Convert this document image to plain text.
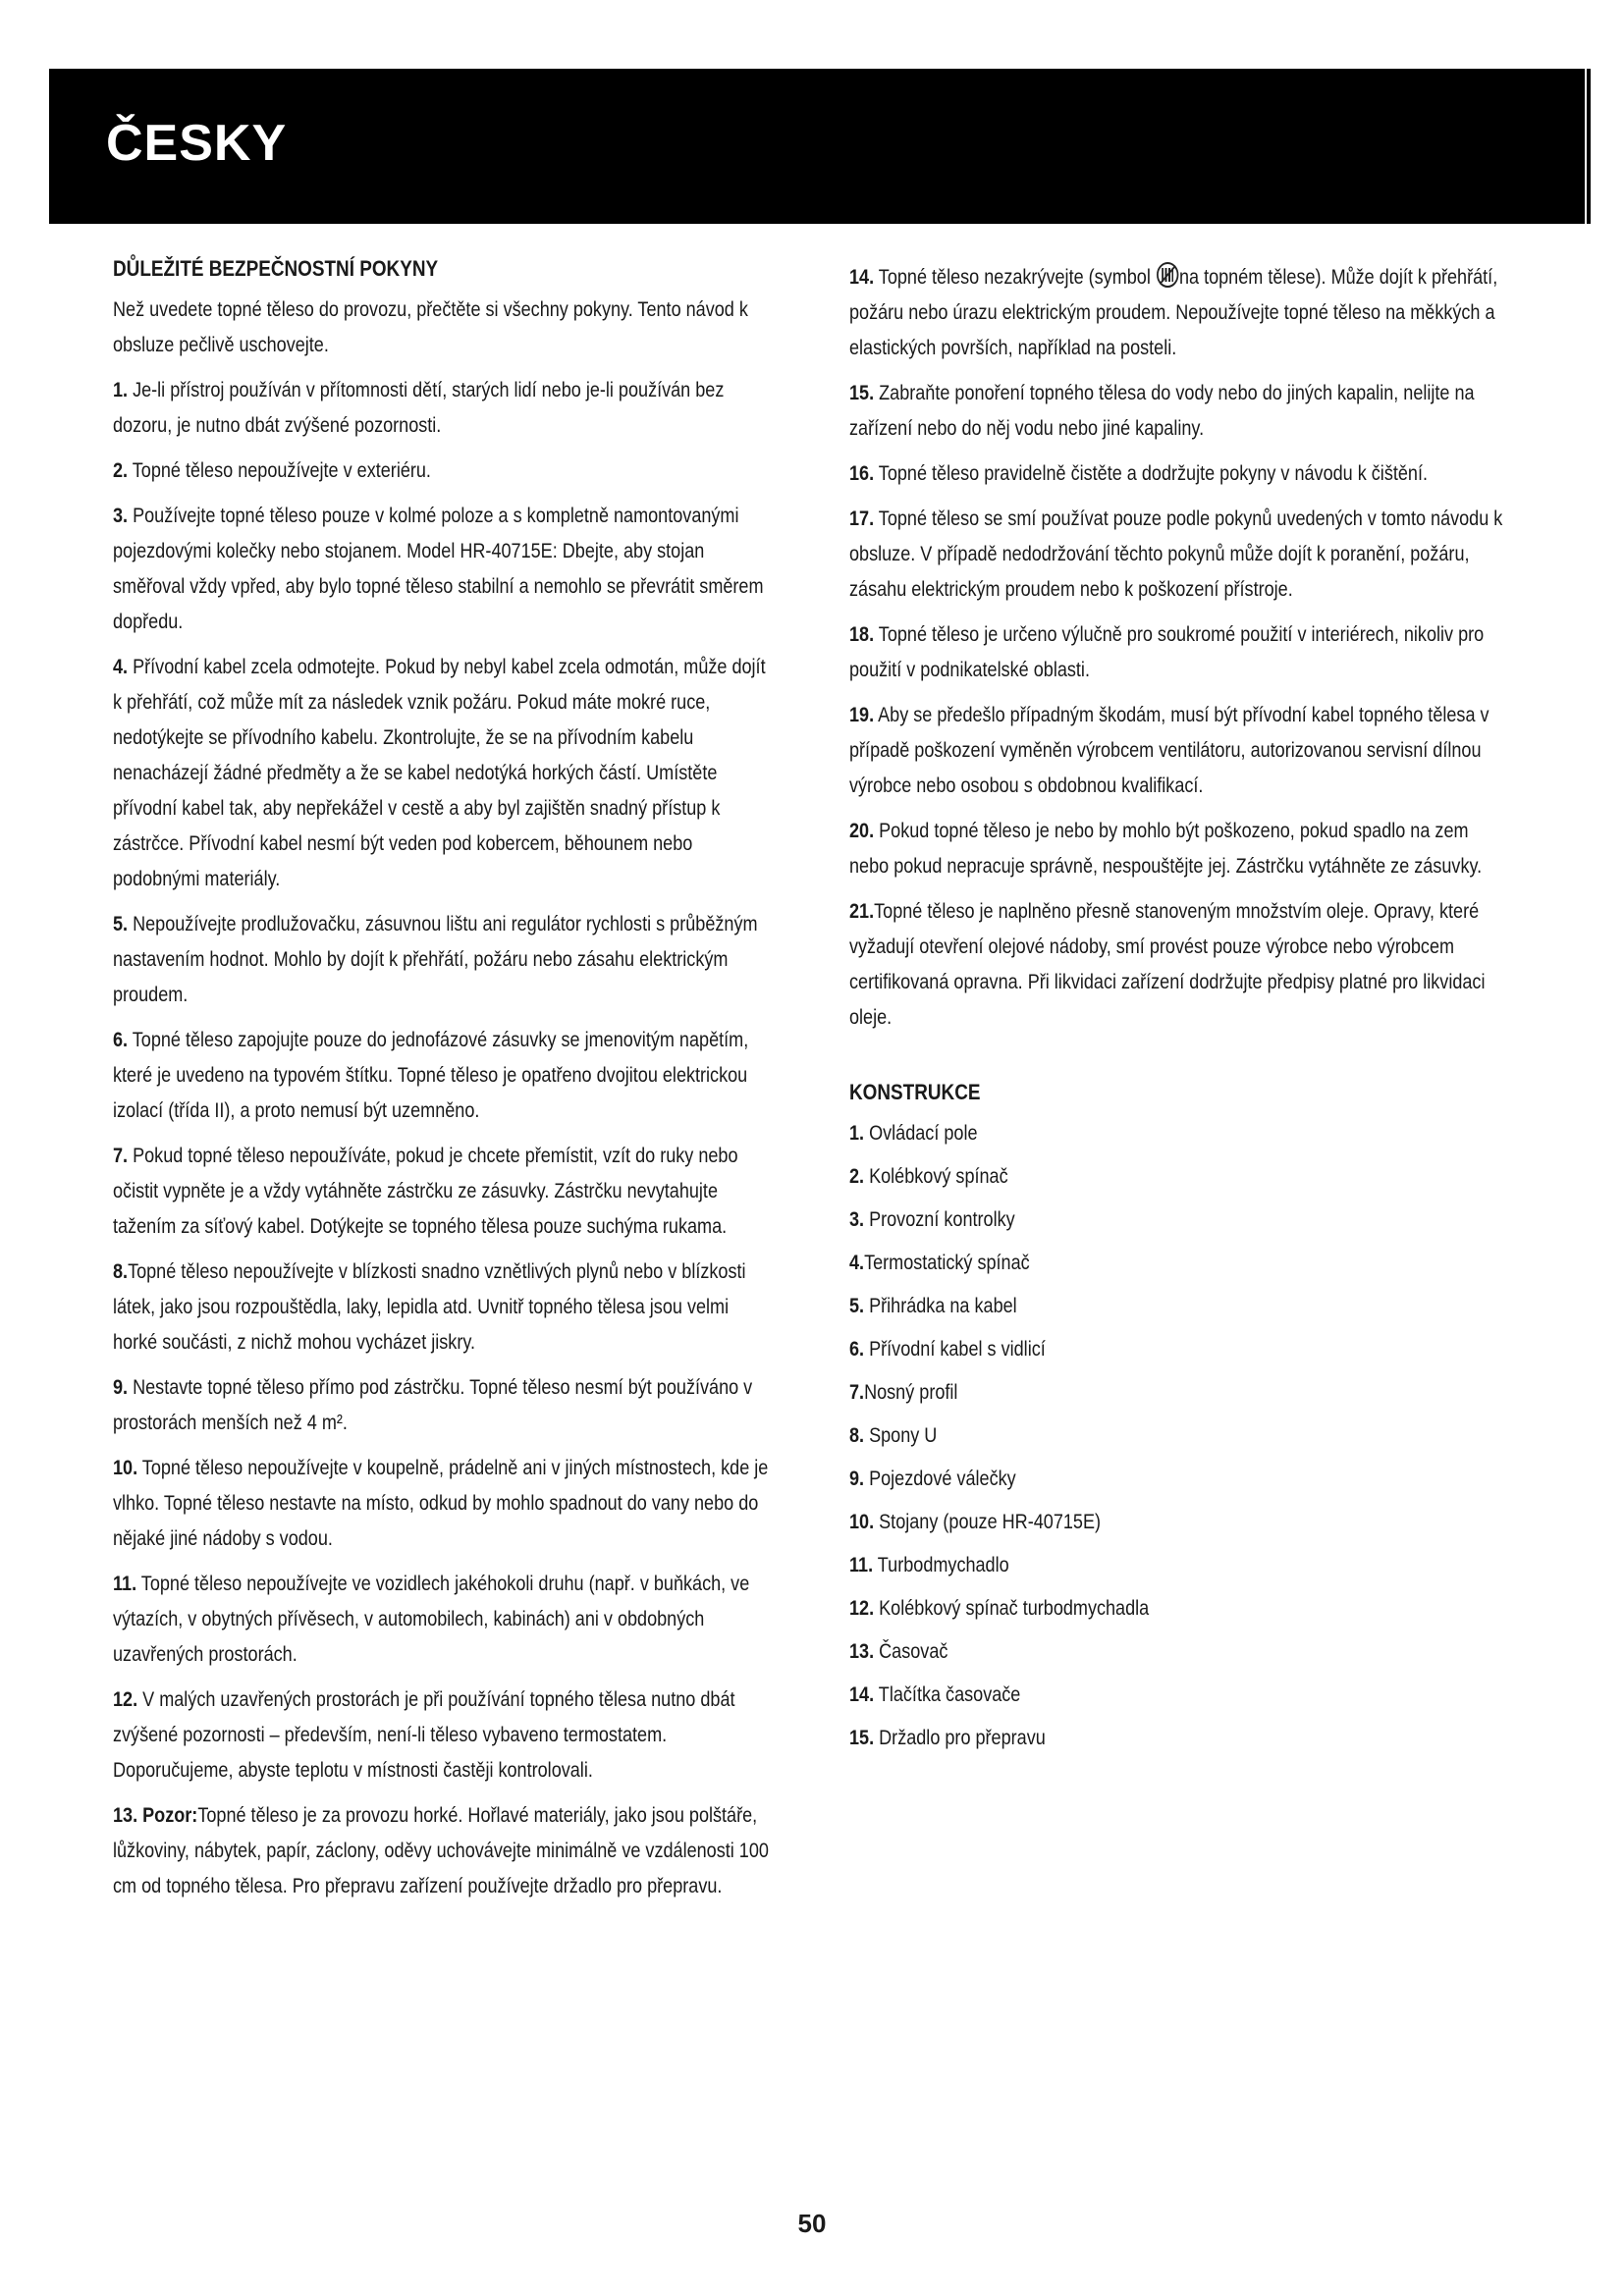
ČESKY
DŮLEŽITÉ BEZPEČNOSTNÍ POKYNY
Než uvedete topné těleso do provozu, přečtěte si všechny pokyny. Tento návod k obsluze pečlivě uschovejte.
1. Je-li přístroj používán v přítomnosti dětí, starých lidí nebo je-li používán bez dozoru, je nutno dbát zvýšené pozornosti.
2. Topné těleso nepoužívejte v exteriéru.
3. Používejte topné těleso pouze v kolmé poloze a s kompletně namontovanými pojezdovými kolečky nebo stojanem. Model HR-40715E: Dbejte, aby stojan směřoval vždy vpřed, aby bylo topné těleso stabilní a nemohlo se převrátit směrem dopředu.
4. Přívodní kabel zcela odmotejte. Pokud by nebyl kabel zcela odmotán, může dojít k přehřátí, což může mít za následek vznik požáru. Pokud máte mokré ruce, nedotýkejte se přívodního kabelu. Zkontrolujte, že se na přívodním kabelu nenacházejí žádné předměty a že se kabel nedotýká horkých částí. Umístěte přívodní kabel tak, aby nepřekážel v cestě a aby byl zajištěn snadný přístup k zástrčce. Přívodní kabel nesmí být veden pod kobercem, běhounem nebo podobnými materiály.
5. Nepoužívejte prodlužovačku, zásuvnou lištu ani regulátor rychlosti s průběžným nastavením hodnot. Mohlo by dojít k přehřátí, požáru nebo zásahu elektrickým proudem.
6. Topné těleso zapojujte pouze do jednofázové zásuvky se jmenovitým napětím, které je uvedeno na typovém štítku. Topné těleso je opatřeno dvojitou elektrickou izolací (třída II), a proto nemusí být uzemněno.
7. Pokud topné těleso nepoužíváte, pokud je chcete přemístit, vzít do ruky nebo očistit vypněte je a vždy vytáhněte zástrčku ze zásuvky. Zástrčku nevytahujte tažením za síťový kabel. Dotýkejte se topného tělesa pouze suchýma rukama.
8.Topné těleso nepoužívejte v blízkosti snadno vznětlivých plynů nebo v blízkosti látek, jako jsou rozpouštědla, laky, lepidla atd. Uvnitř topného tělesa jsou velmi horké součásti, z nichž mohou vycházet jiskry.
9. Nestavte topné těleso přímo pod zástrčku. Topné těleso nesmí být používáno v prostorách menších než 4 m².
10. Topné těleso nepoužívejte v koupelně, prádelně ani v jiných místnostech, kde je vlhko. Topné těleso nestavte na místo, odkud by mohlo spadnout do vany nebo do nějaké jiné nádoby s vodou.
11. Topné těleso nepoužívejte ve vozidlech jakéhokoli druhu (např. v buňkách, ve výtazích, v obytných přívěsech, v automobilech, kabinách) ani v obdobných uzavřených prostorách.
12. V malých uzavřených prostorách je při používání topného tělesa nutno dbát zvýšené pozornosti – především, není-li těleso vybaveno termostatem. Doporučujeme, abyste teplotu v místnosti častěji kontrolovali.
13. Pozor:Topné těleso je za provozu horké. Hořlavé materiály, jako jsou polštáře, lůžkoviny, nábytek, papír, záclony, oděvy uchovávejte minimálně ve vzdálenosti 100 cm od topného tělesa. Pro přepravu zařízení používejte držadlo pro přepravu.
14. Topné těleso nezakrývejte (symbol na topném tělese). Může dojít k přehřátí, požáru nebo úrazu elektrickým proudem. Nepoužívejte topné těleso na měkkých a elastických površích, například na posteli.
15. Zabraňte ponoření topného tělesa do vody nebo do jiných kapalin, nelijte na zařízení nebo do něj vodu nebo jiné kapaliny.
16. Topné těleso pravidelně čistěte a dodržujte pokyny v návodu k čištění.
17. Topné těleso se smí používat pouze podle pokynů uvedených v tomto návodu k obsluze. V případě nedodržování těchto pokynů může dojít k poranění, požáru, zásahu elektrickým proudem nebo k poškození přístroje.
18. Topné těleso je určeno výlučně pro soukromé použití v interiérech, nikoliv pro použití v podnikatelské oblasti.
19. Aby se předešlo případným škodám, musí být přívodní kabel topného tělesa v případě poškození vyměněn výrobcem ventilátoru, autorizovanou servisní dílnou výrobce nebo osobou s obdobnou kvalifikací.
20. Pokud topné těleso je nebo by mohlo být poškozeno, pokud spadlo na zem nebo pokud nepracuje správně, nespouštějte jej. Zástrčku vytáhněte ze zásuvky.
21.Topné těleso je naplněno přesně stanoveným množstvím oleje. Opravy, které vyžadují otevření olejové nádoby, smí provést pouze výrobce nebo výrobcem certifikovaná opravna. Při likvidaci zařízení dodržujte předpisy platné pro likvidaci oleje.
KONSTRUKCE
1. Ovládací pole
2. Kolébkový spínač
3. Provozní kontrolky
4.Termostatický spínač
5. Přihrádka na kabel
6. Přívodní kabel s vidlicí
7.Nosný profil
8. Spony U
9. Pojezdové válečky
10. Stojany (pouze HR-40715E)
11. Turbodmychadlo
12. Kolébkový spínač turbodmychadla
13. Časovač
14. Tlačítka časovače
15. Držadlo pro přepravu
50
